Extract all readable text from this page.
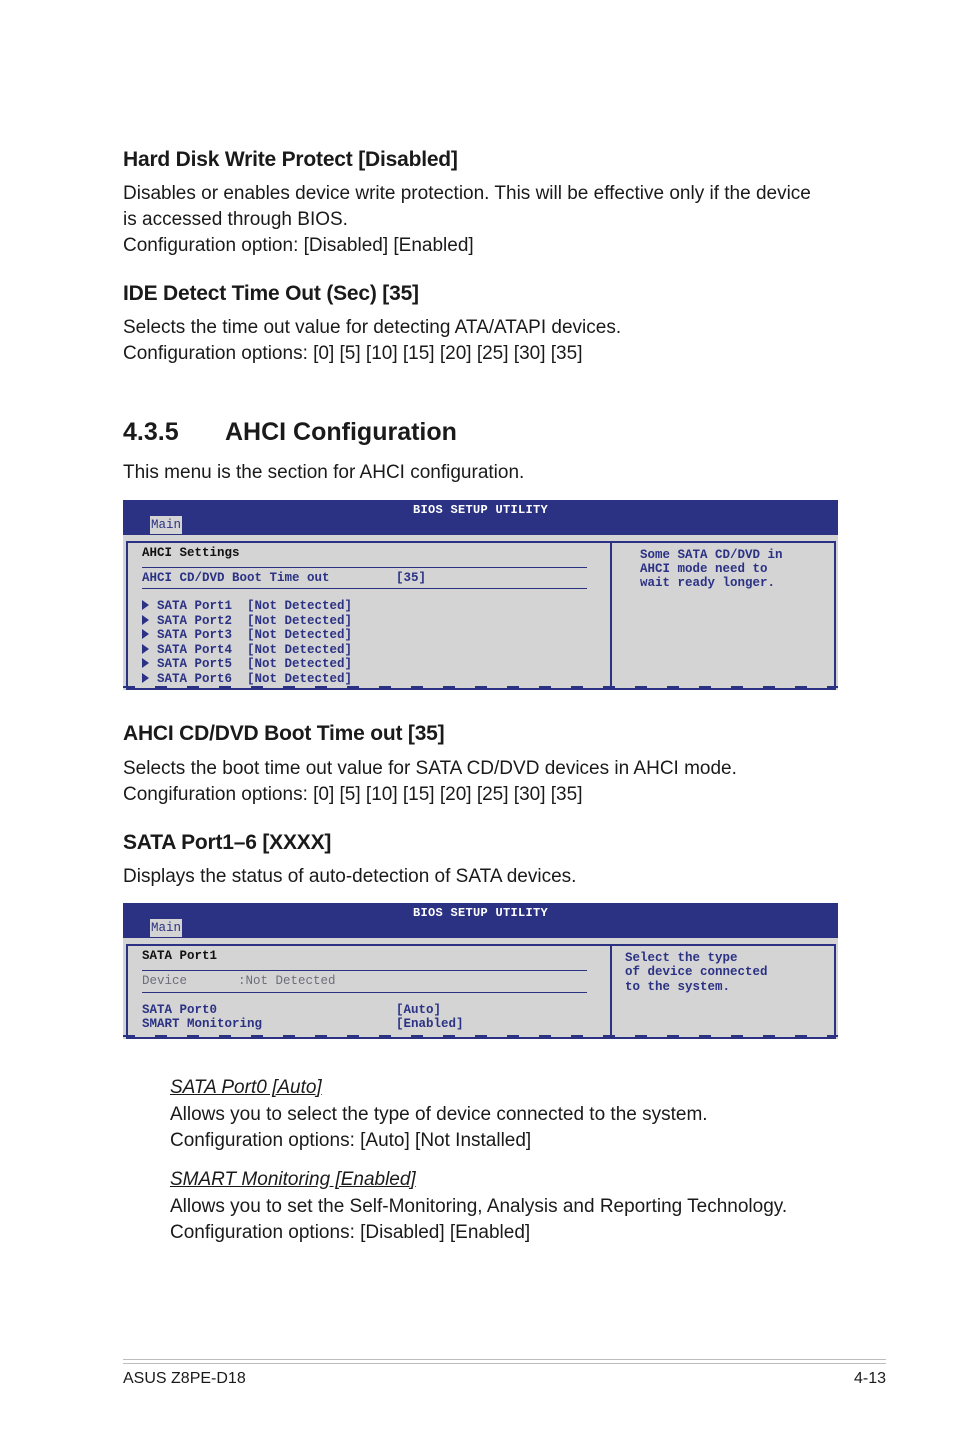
Hard Disk Write Protect [Disabled]

Disables or enables device write protection. This will be effective only if the device
is accessed through BIOS.
Configuration option: [Disabled] [Enabled]

IDE Detect Time Out (Sec) [35]

Selects the time out value for detecting ATA/ATAPI devices.
Configuration options: [0] [5] [10] [15] [20] [25] [30] [35]

4.3.5 AHCI Configuration

This menu is the section for AHCI configuration.

BIOS SETUP UTILITY
Main
AHCI Settings
AHCI CD/DVD Boot Time out	[35]
SATA Port1  [Not Detected]
SATA Port2  [Not Detected]
SATA Port3  [Not Detected]
SATA Port4  [Not Detected]
SATA Port5  [Not Detected]
SATA Port6  [Not Detected]
Some SATA CD/DVD in
AHCI mode need to
wait ready longer.
AHCI CD/DVD Boot Time out [35]

Selects the boot time out value for SATA CD/DVD devices in AHCI mode.
Congifuration options: [0] [5] [10] [15] [20] [25] [30] [35]

SATA Port1–6 [XXXX]

Displays the status of auto-detection of SATA devices.

BIOS SETUP UTILITY
Main
SATA Port1
Device	:Not Detected
SATA Port0	[Auto]
SMART Monitoring	[Enabled]
Select the type
of device connected
to the system.

SATA Port0 [Auto]

Allows you to select the type of device connected to the system.
Configuration options: [Auto] [Not Installed]

SMART Monitoring [Enabled]

Allows you to set the Self-Monitoring, Analysis and Reporting Technology.
Configuration options: [Disabled] [Enabled]

ASUS Z8PE-D18	4-13
